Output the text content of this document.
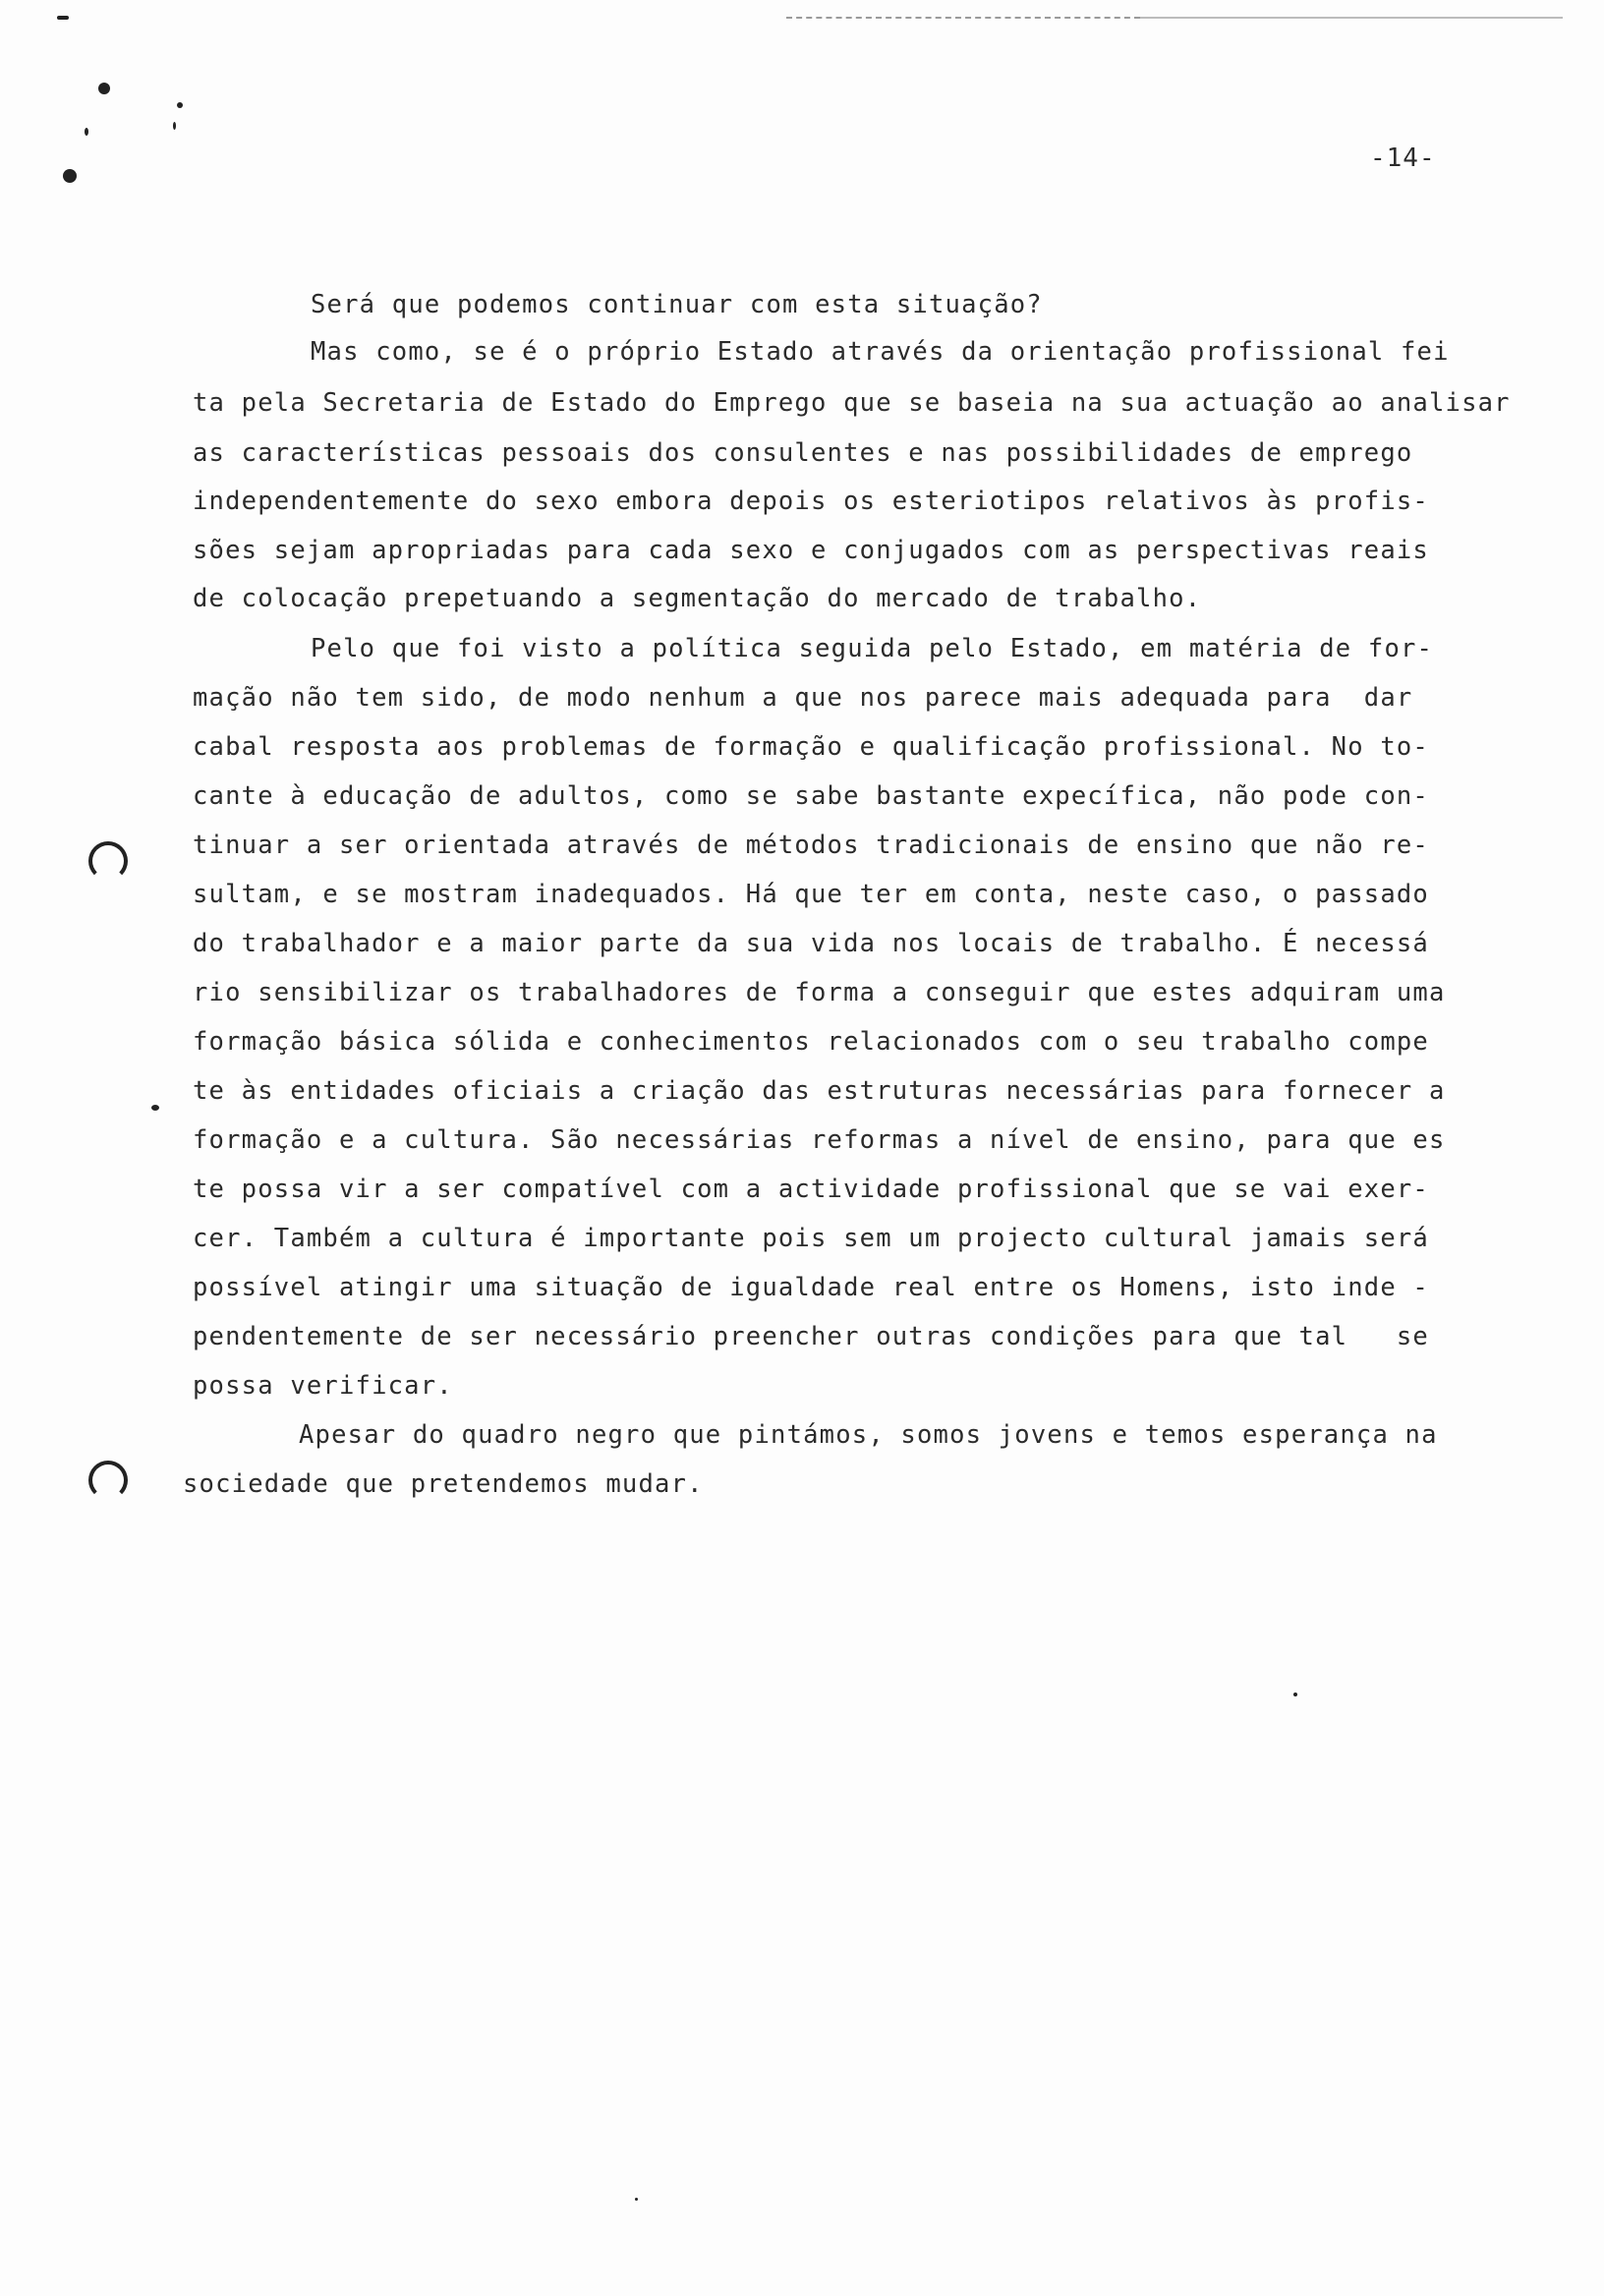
-14-
Será que podemos continuar com esta situação?
Mas como, se é o próprio Estado através da orientação profissional fei
ta pela Secretaria de Estado do Emprego que se baseia na sua actuação ao analisar
as características pessoais dos consulentes e nas possibilidades de emprego
independentemente do sexo embora depois os esteriotipos relativos às profis-
sões sejam apropriadas para cada sexo e conjugados com as perspectivas reais
de colocação prepetuando a segmentação do mercado de trabalho.
Pelo que foi visto a política seguida pelo Estado, em matéria de for-
mação não tem sido, de modo nenhum a que nos parece mais adequada para  dar
cabal resposta aos problemas de formação e qualificação profissional. No to-
cante à educação de adultos, como se sabe bastante expecífica, não pode con-
tinuar a ser orientada através de métodos tradicionais de ensino que não re-
sultam, e se mostram inadequados. Há que ter em conta, neste caso, o passado
do trabalhador e a maior parte da sua vida nos locais de trabalho. É necessá
rio sensibilizar os trabalhadores de forma a conseguir que estes adquiram uma
formação básica sólida e conhecimentos relacionados com o seu trabalho compe
te às entidades oficiais a criação das estruturas necessárias para fornecer a
formação e a cultura. São necessárias reformas a nível de ensino, para que es
te possa vir a ser compatível com a actividade profissional que se vai exer-
cer. Também a cultura é importante pois sem um projecto cultural jamais será
possível atingir uma situação de igualdade real entre os Homens, isto inde -
pendentemente de ser necessário preencher outras condições para que tal   se
possa verificar.
Apesar do quadro negro que pintámos, somos jovens e temos esperança na
sociedade que pretendemos mudar.
